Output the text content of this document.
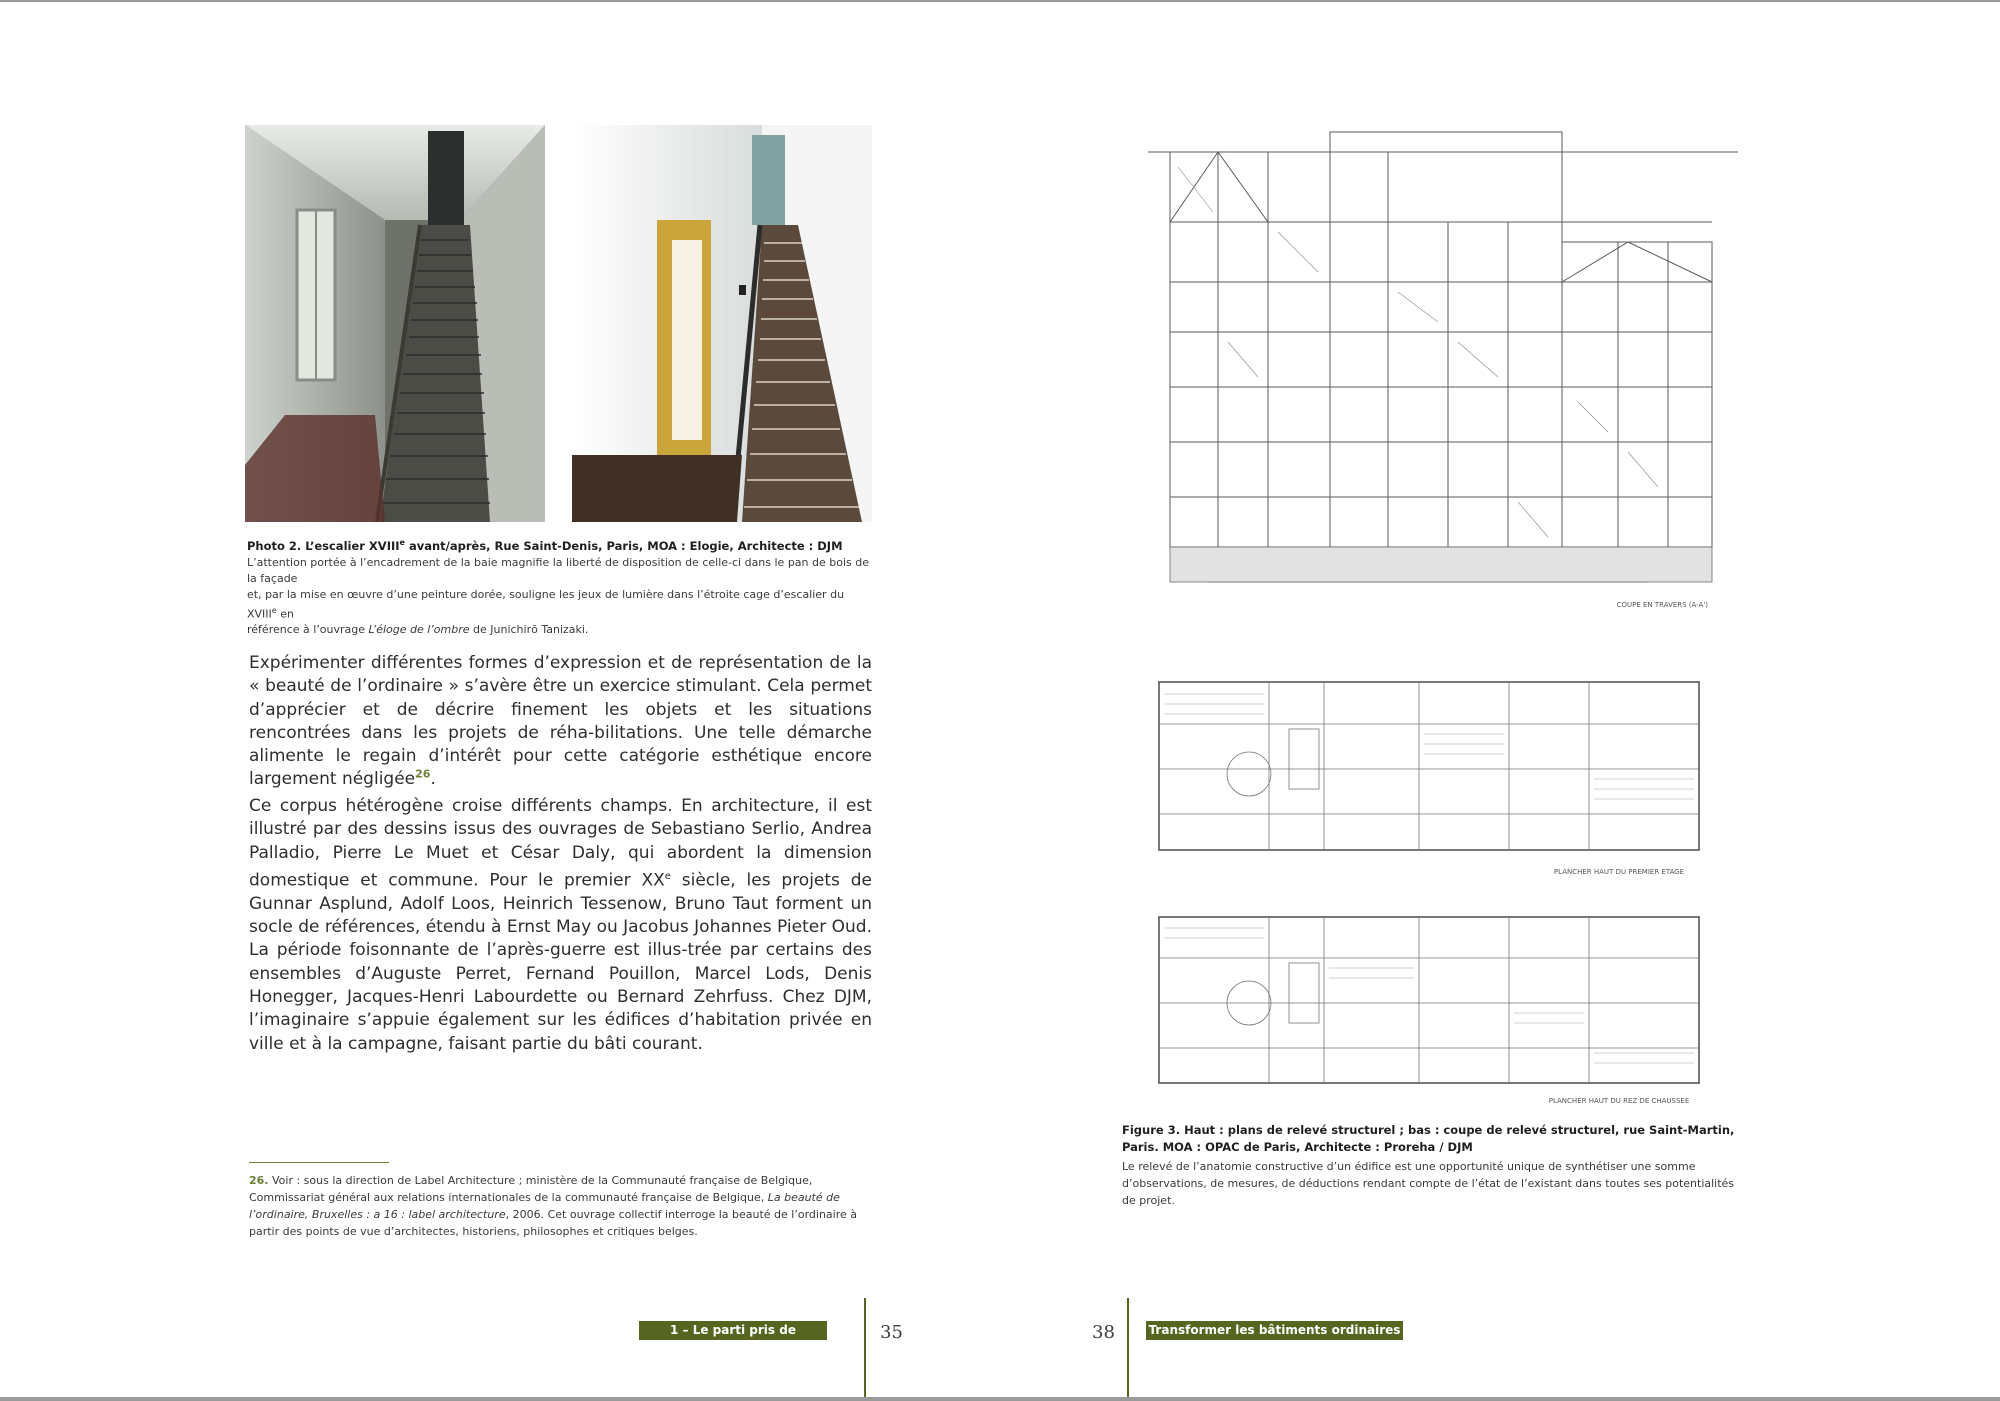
Photo 2. L’escalier XVIIIe avant/après, Rue Saint-Denis, Paris, MOA : Elogie, Architecte : DJM
L’attention portée à l’encadrement de la baie magnifie la liberté de disposition de celle-ci dans le pan de bois de la façade
et, par la mise en œuvre d’une peinture dorée, souligne les jeux de lumière dans l’étroite cage d’escalier du XVIIIe en
référence à l’ouvrage L’éloge de l’ombre de Junichirō Tanizaki.
Expérimenter différentes formes d’expression et de représentation de la « beauté de l’ordinaire » s’avère être un exercice stimulant. Cela permet d’apprécier et de décrire finement les objets et les situations rencontrées dans les projets de réha-bilitations. Une telle démarche alimente le regain d’intérêt pour cette catégorie esthétique encore largement négligée$^{26}$.
Ce corpus hétérogène croise différents champs. En architecture, il est illustré par des dessins issus des ouvrages de Sebastiano Serlio, Andrea Palladio, Pierre Le Muet et César Daly, qui abordent la dimension domestique et commune. Pour le premier XXe siècle, les projets de Gunnar Asplund, Adolf Loos, Heinrich Tessenow, Bruno Taut forment un socle de références, étendu à Ernst May ou Jacobus Johannes Pieter Oud. La période foisonnante de l’après-guerre est illus-trée par certains des ensembles d’Auguste Perret, Fernand Pouillon, Marcel Lods, Denis Honegger, Jacques-Henri Labourdette ou Bernard Zehrfuss. Chez DJM, l’imaginaire s’appuie également sur les édifices d’habitation privée en ville et à la campagne, faisant partie du bâti courant.
26. Voir : sous la direction de Label Architecture ; ministère de la Communauté française de Belgique, Commissariat général aux relations internationales de la communauté française de Belgique, La beauté de l’ordinaire, Bruxelles : a 16 : label architecture, 2006. Cet ouvrage collectif interroge la beauté de l’ordinaire à partir des points de vue d’architectes, historiens, philosophes et critiques belges.
COUPE EN TRAVERS (A-A')
PLANCHER HAUT DU PREMIER ETAGE
PLANCHER HAUT DU REZ DE CHAUSSEE
Figure 3. Haut : plans de relevé structurel ; bas : coupe de relevé structurel, rue Saint-Martin, Paris. MOA : OPAC de Paris, Architecte : Proreha / DJM
Le relevé de l’anatomie constructive d’un édifice est une opportunité unique de synthétiser une somme d’observations, de mesures, de déductions rendant compte de l’état de l’existant dans toutes ses potentialités de projet.
1 – Le parti pris de l’ordinaire
35	38	Transformer les bâtiments ordinaires
